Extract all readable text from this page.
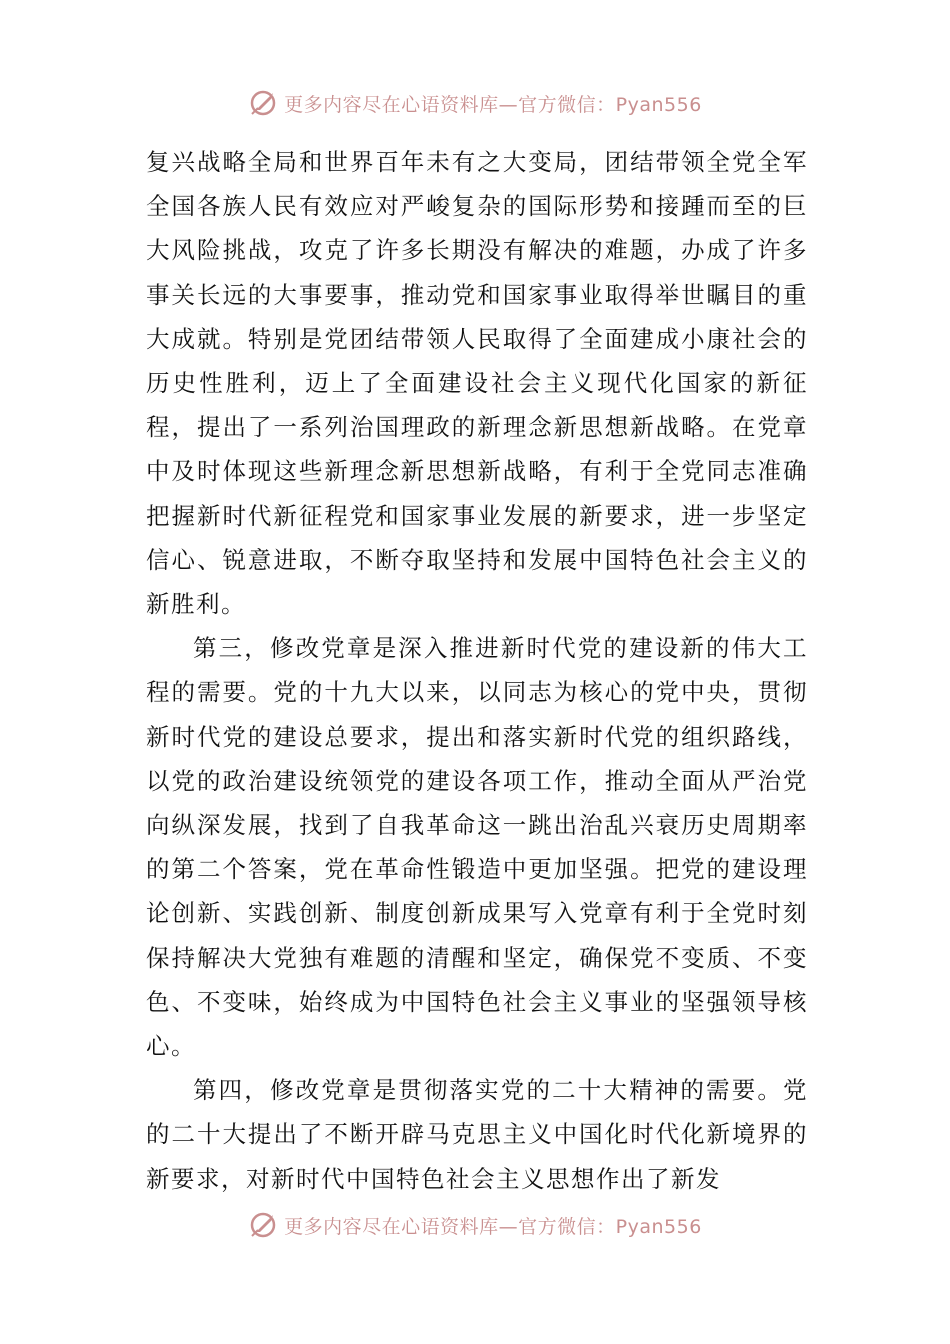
更多内容尽在心语资料库—官方微信：Pyan556

复兴战略全局和世界百年未有之大变局，团结带领全党全军全国各族人民有效应对严峻复杂的国际形势和接踵而至的巨大风险挑战，攻克了许多长期没有解决的难题，办成了许多事关长远的大事要事，推动党和国家事业取得举世瞩目的重大成就。特别是党团结带领人民取得了全面建成小康社会的历史性胜利，迈上了全面建设社会主义现代化国家的新征程，提出了一系列治国理政的新理念新思想新战略。在党章中及时体现这些新理念新思想新战略，有利于全党同志准确把握新时代新征程党和国家事业发展的新要求，进一步坚定信心、锐意进取，不断夺取坚持和发展中国特色社会主义的新胜利。

第三，修改党章是深入推进新时代党的建设新的伟大工程的需要。党的十九大以来，以同志为核心的党中央，贯彻新时代党的建设总要求，提出和落实新时代党的组织路线，以党的政治建设统领党的建设各项工作，推动全面从严治党向纵深发展，找到了自我革命这一跳出治乱兴衰历史周期率的第二个答案，党在革命性锻造中更加坚强。把党的建设理论创新、实践创新、制度创新成果写入党章有利于全党时刻保持解决大党独有难题的清醒和坚定，确保党不变质、不变色、不变味，始终成为中国特色社会主义事业的坚强领导核心。

第四，修改党章是贯彻落实党的二十大精神的需要。党的二十大提出了不断开辟马克思主义中国化时代化新境界的新要求，对新时代中国特色社会主义思想作出了新发

更多内容尽在心语资料库—官方微信：Pyan556
